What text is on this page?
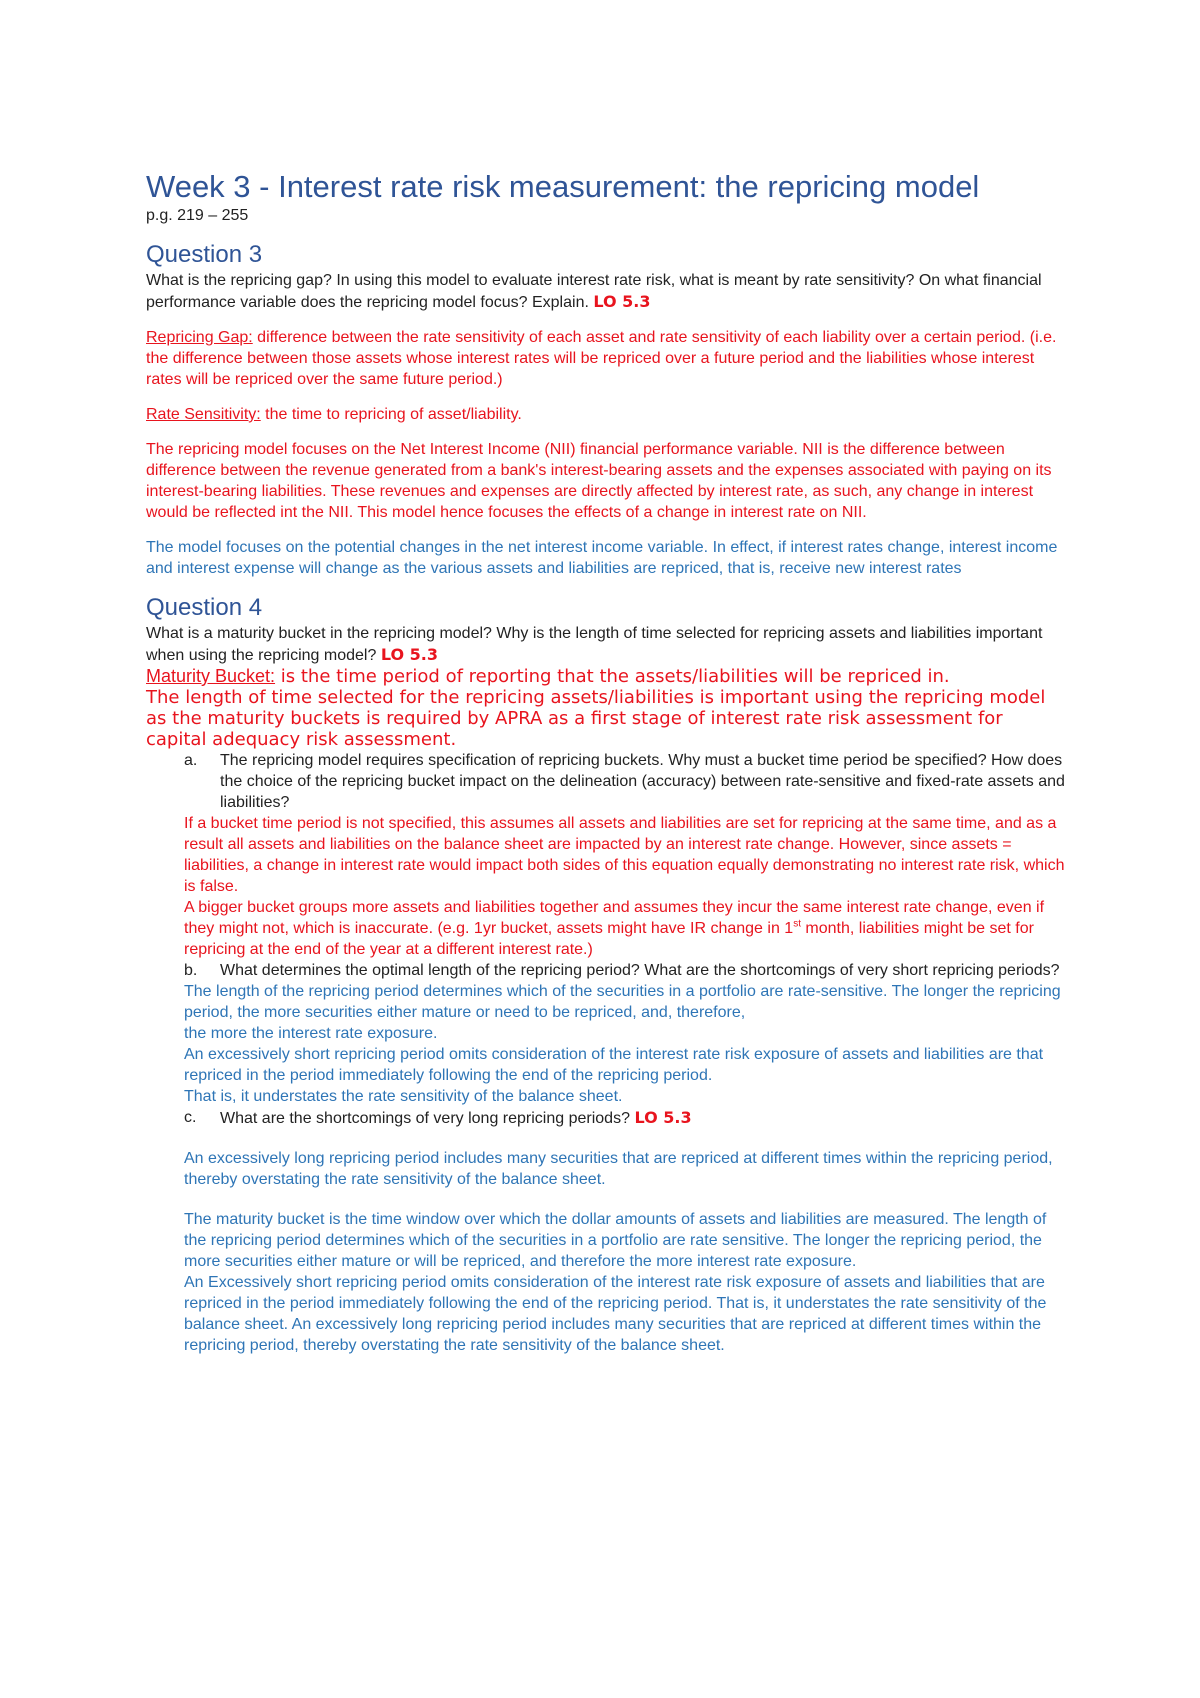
Week 3 - Interest rate risk measurement: the repricing model

p.g. 219 – 255

Question 3

What is the repricing gap? In using this model to evaluate interest rate risk, what is meant by rate sensitivity? On what financial performance variable does the repricing model focus? Explain. LO 5.3

Repricing Gap: difference between the rate sensitivity of each asset and rate sensitivity of each liability over a certain period. (i.e. the difference between those assets whose interest rates will be repriced over a future period and the liabilities whose interest rates will be repriced over the same future period.)

Rate Sensitivity: the time to repricing of asset/liability.

The repricing model focuses on the Net Interest Income (NII) financial performance variable. NII is the difference between difference between the revenue generated from a bank's interest-bearing assets and the expenses associated with paying on its interest-bearing liabilities. These revenues and expenses are directly affected by interest rate, as such, any change in interest would be reflected int the NII. This model hence focuses the effects of a change in interest rate on NII.

The model focuses on the potential changes in the net interest income variable. In effect, if interest rates change, interest income and interest expense will change as the various assets and liabilities are repriced, that is, receive new interest rates

Question 4

What is a maturity bucket in the repricing model? Why is the length of time selected for repricing assets and liabilities important when using the repricing model? LO 5.3

Maturity Bucket: is the time period of reporting that the assets/liabilities will be repriced in.

The length of time selected for the repricing assets/liabilities is important using the repricing model as the maturity buckets is required by APRA as a first stage of interest rate risk assessment for capital adequacy risk assessment.

a. The repricing model requires specification of repricing buckets. Why must a bucket time period be specified? How does the choice of the repricing bucket impact on the delineation (accuracy) between rate-sensitive and fixed-rate assets and liabilities?

If a bucket time period is not specified, this assumes all assets and liabilities are set for repricing at the same time, and as a result all assets and liabilities on the balance sheet are impacted by an interest rate change. However, since assets = liabilities, a change in interest rate would impact both sides of this equation equally demonstrating no interest rate risk, which is false.

A bigger bucket groups more assets and liabilities together and assumes they incur the same interest rate change, even if they might not, which is inaccurate. (e.g. 1yr bucket, assets might have IR change in 1st month, liabilities might be set for repricing at the end of the year at a different interest rate.)

b. What determines the optimal length of the repricing period? What are the shortcomings of very short repricing periods?

The length of the repricing period determines which of the securities in a portfolio are rate-sensitive. The longer the repricing period, the more securities either mature or need to be repriced, and, therefore,

the more the interest rate exposure.

An excessively short repricing period omits consideration of the interest rate risk exposure of assets and liabilities are that repriced in the period immediately following the end of the repricing period.

That is, it understates the rate sensitivity of the balance sheet.

c. What are the shortcomings of very long repricing periods? LO 5.3

An excessively long repricing period includes many securities that are repriced at different times within the repricing period, thereby overstating the rate sensitivity of the balance sheet.

The maturity bucket is the time window over which the dollar amounts of assets and liabilities are measured. The length of the repricing period determines which of the securities in a portfolio are rate sensitive. The longer the repricing period, the more securities either mature or will be repriced, and therefore the more interest rate exposure.

An Excessively short repricing period omits consideration of the interest rate risk exposure of assets and liabilities that are repriced in the period immediately following the end of the repricing period. That is, it understates the rate sensitivity of the balance sheet. An excessively long repricing period includes many securities that are repriced at different times within the repricing period, thereby overstating the rate sensitivity of the balance sheet.
